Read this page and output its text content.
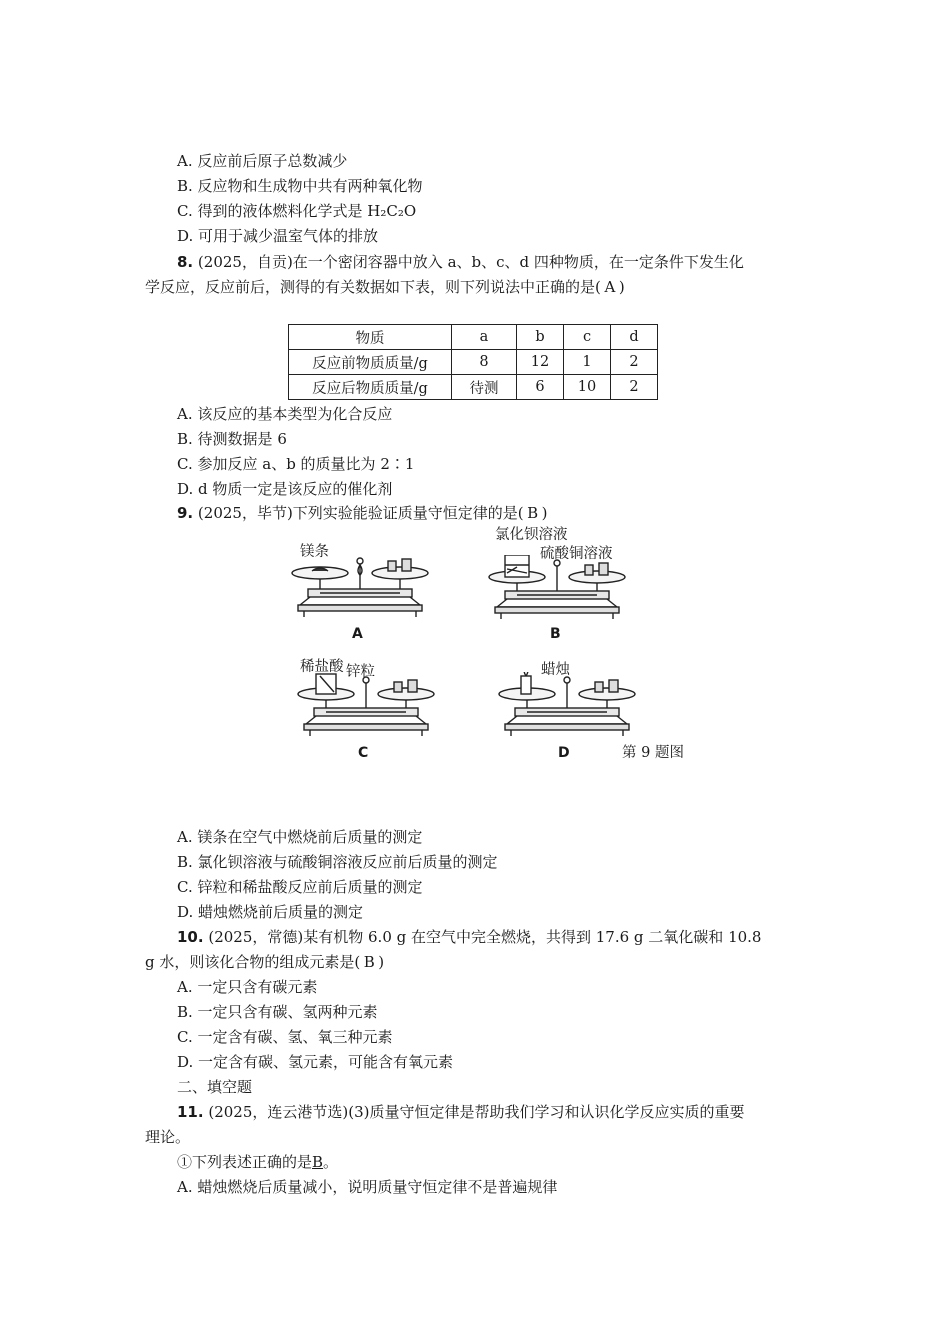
A. 反应前后原子总数减少
B. 反应物和生成物中共有两种氧化物
C. 得到的液体燃料化学式是 H₂C₂O
D. 可用于减少温室气体的排放
8. (2025，自贡)在一个密闭容器中放入 a、b、c、d 四种物质，在一定条件下发生化
学反应，反应前后，测得的有关数据如下表，则下列说法中正确的是( A )
物质	a	b	c	d
反应前物质质量/g	8	12	1	2
反应后物质质量/g	待测	6	10	2
A. 该反应的基本类型为化合反应
B. 待测数据是 6
C. 参加反应 a、b 的质量比为 2∶1
D. d 物质一定是该反应的催化剂
9. (2025，毕节)下列实验能验证质量守恒定律的是( B )
镁条
A
氯化钡溶液
硫酸铜溶液
B
稀盐酸 锌粒
C
蜡烛
D	第 9 题图
A. 镁条在空气中燃烧前后质量的测定
B. 氯化钡溶液与硫酸铜溶液反应前后质量的测定
C. 锌粒和稀盐酸反应前后质量的测定
D. 蜡烛燃烧前后质量的测定
10. (2025，常德)某有机物 6.0 g 在空气中完全燃烧，共得到 17.6 g 二氧化碳和 10.8
g 水，则该化合物的组成元素是( B )
A. 一定只含有碳元素
B. 一定只含有碳、氢两种元素
C. 一定含有碳、氢、氧三种元素
D. 一定含有碳、氢元素，可能含有氧元素
二、填空题
11. (2025，连云港节选)(3)质量守恒定律是帮助我们学习和认识化学反应实质的重要
理论。
①下列表述正确的是B。
A. 蜡烛燃烧后质量减小，说明质量守恒定律不是普遍规律
